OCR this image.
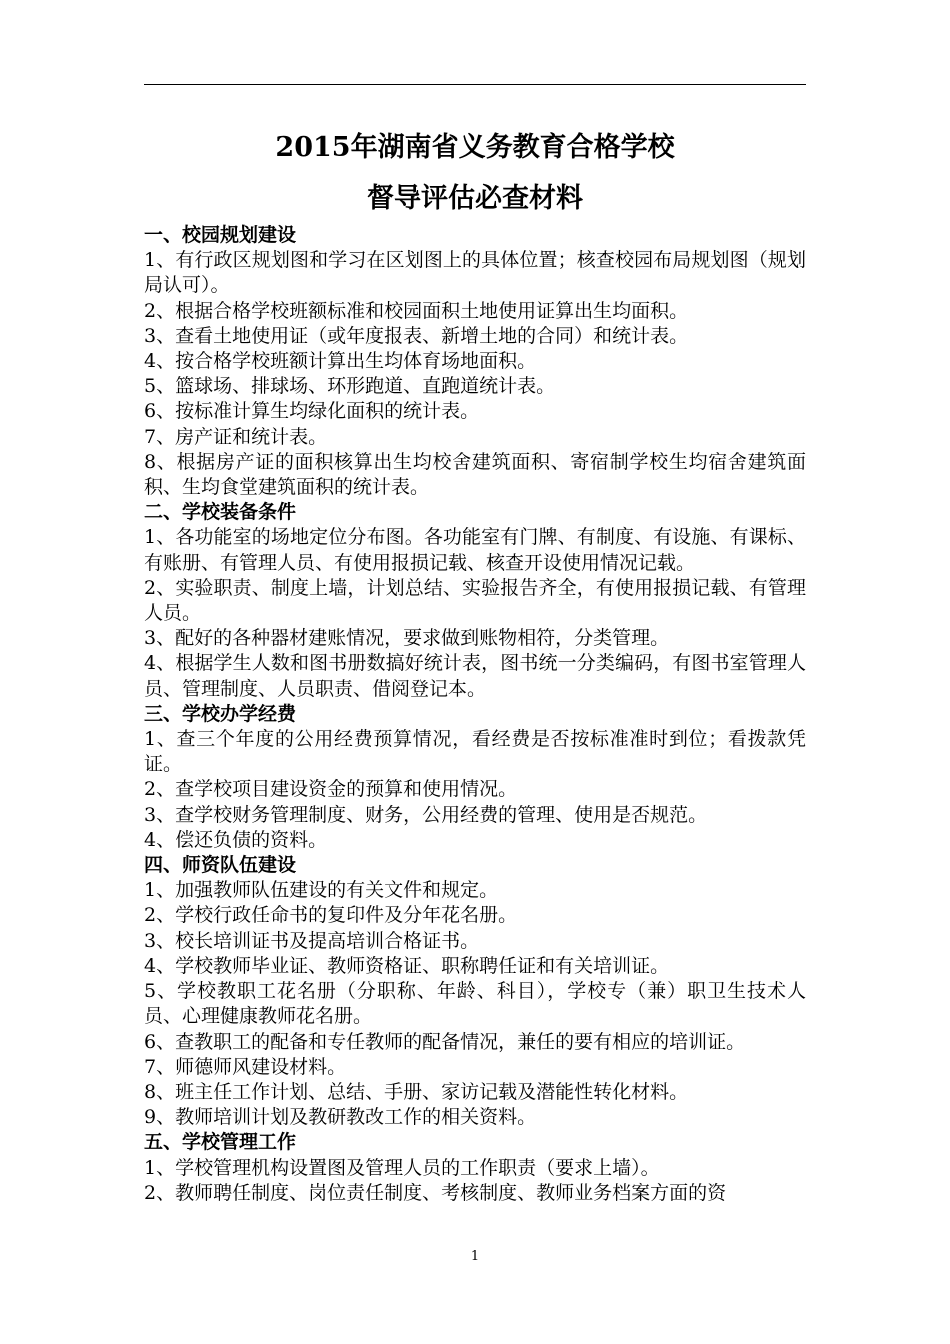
2015年湖南省义务教育合格学校
督导评估必查材料

一、校园规划建设

1、有行政区规划图和学习在区划图上的具体位置；核查校园布局规划图（规划局认可）。

2、根据合格学校班额标准和校园面积土地使用证算出生均面积。

3、查看土地使用证（或年度报表、新增土地的合同）和统计表。

4、按合格学校班额计算出生均体育场地面积。

5、篮球场、排球场、环形跑道、直跑道统计表。

6、按标准计算生均绿化面积的统计表。

7、房产证和统计表。

8、根据房产证的面积核算出生均校舍建筑面积、寄宿制学校生均宿舍建筑面积、生均食堂建筑面积的统计表。

二、学校装备条件

1、各功能室的场地定位分布图。各功能室有门牌、有制度、有设施、有课标、有账册、有管理人员、有使用报损记载、核查开设使用情况记载。

2、实验职责、制度上墙，计划总结、实验报告齐全，有使用报损记载、有管理人员。

3、配好的各种器材建账情况，要求做到账物相符，分类管理。

4、根据学生人数和图书册数搞好统计表，图书统一分类编码，有图书室管理人员、管理制度、人员职责、借阅登记本。

三、学校办学经费

1、查三个年度的公用经费预算情况，看经费是否按标准准时到位；看拨款凭证。

2、查学校项目建设资金的预算和使用情况。

3、查学校财务管理制度、财务，公用经费的管理、使用是否规范。

4、偿还负债的资料。

四、师资队伍建设

1、加强教师队伍建设的有关文件和规定。

2、学校行政任命书的复印件及分年花名册。

3、校长培训证书及提高培训合格证书。

4、学校教师毕业证、教师资格证、职称聘任证和有关培训证。

5、学校教职工花名册（分职称、年龄、科目），学校专（兼）职卫生技术人员、心理健康教师花名册。

6、查教职工的配备和专任教师的配备情况，兼任的要有相应的培训证。

7、师德师风建设材料。

8、班主任工作计划、总结、手册、家访记载及潜能性转化材料。

9、教师培训计划及教研教改工作的相关资料。

五、学校管理工作

1、学校管理机构设置图及管理人员的工作职责（要求上墙）。

2、教师聘任制度、岗位责任制度、考核制度、教师业务档案方面的资

1
